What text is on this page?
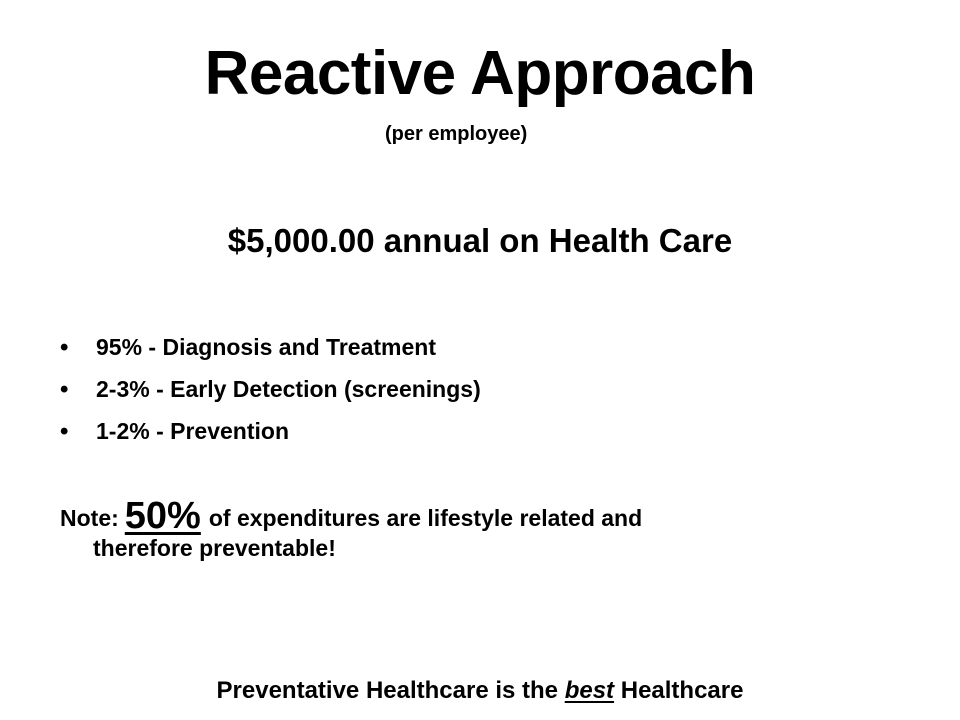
Reactive Approach
(per employee)
$5,000.00 annual on Health Care
• 95% - Diagnosis and Treatment
• 2-3% - Early Detection (screenings)
• 1-2% - Prevention
Note: 50% of expenditures are lifestyle related and
therefore preventable!
Preventative Healthcare is the best Healthcare
